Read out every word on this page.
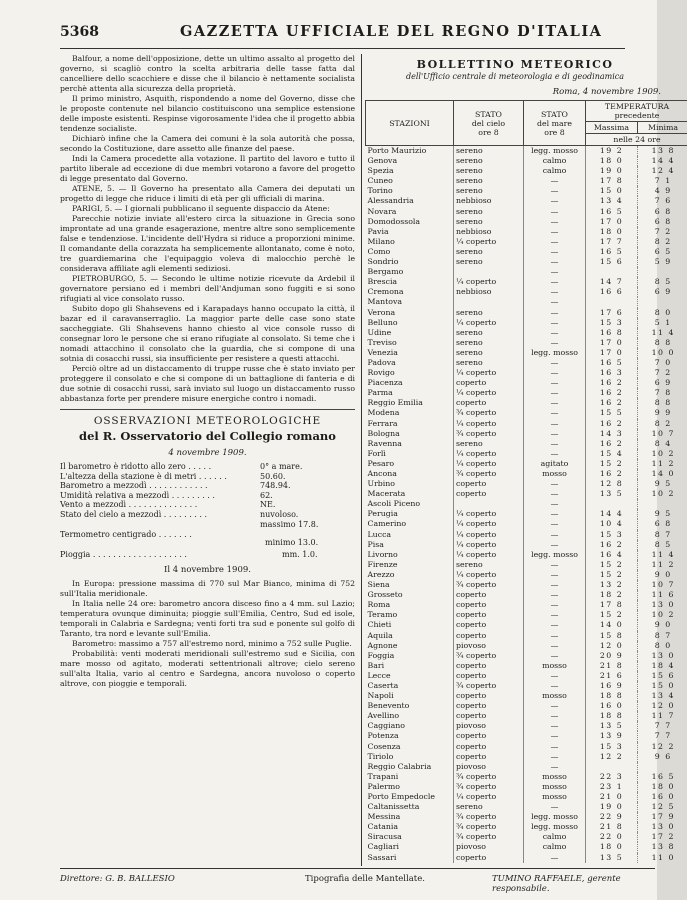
5368	GAZZETTA UFFICIALE DEL REGNO D'ITALIA

Balfour, a nome dell'opposizione, dette un ultimo assalto al progetto del governo, si scagliò contro la scelta arbitraria delle tasse fatta dal cancelliere dello scacchiere e disse che il bilancio è nettamente socialista perchè attenta alla sicurezza della proprietà.

Il primo ministro, Asquith, rispondendo a nome del Governo, disse che le proposte contenute nel bilancio costituiscono una semplice estensione delle imposte esistenti. Respinse vigorosamente l'idea che il progetto abbia tendenze socialiste.

Dichiarò infine che la Camera dei comuni è la sola autorità che possa, secondo la Costituzione, dare assetto alle finanze del paese.

Indi la Camera procedette alla votazione. Il partito del lavoro e tutto il partito liberale ad eccezione di due membri votarono a favore del progetto di legge presentato dal Governo.

ATENE, 5. — Il Governo ha presentato alla Camera dei deputati un progetto di legge che riduce i limiti di età per gli ufficiali di marina.

PARIGI, 5. — I giornali pubblicano il seguente dispaccio da Atene:

Parecchie notizie inviate all'estero circa la situazione in Grecia sono improntate ad una grande esagerazione, mentre altre sono semplicemente false e tendenziose. L'incidente dell'Hydra si riduce a proporzioni minime. Il comandante della corazzata ha semplicemente allontanato, come è noto, tre guardiemarina che l'equipaggio voleva di malocchio perchè le considerava affiliate agli elementi sediziosi.

PIETROBURGO, 5. — Secondo le ultime notizie ricevute da Ardebil il governatore persiano ed i membri dell'Andjuman sono fuggiti e si sono rifugiati al vice consolato russo.

Subito dopo gli Shahsevens ed i Karapadays hanno occupato la città, il bazar ed il caravanserraglio. La maggior parte delle case sono state saccheggiate. Gli Shahsevens hanno chiesto al vice console russo di consegnar loro le persone che si erano rifugiate al consolato. Si teme che i nomadi attacchino il consolato che la guardia, che si compone di una sotnia di cosacchi russi, sia insufficiente per resistere a questi attacchi.

Perciò oltre ad un distaccamento di truppe russe che è stato inviato per proteggere il consolato e che si compone di un battaglione di fanteria e di due sotnie di cosacchi russi, sarà inviato sul luogo un distaccamento russo abbastanza forte per prendere misure energiche contro i nomadi.

OSSERVAZIONI METEOROLOGICHE
del R. Osservatorio del Collegio romano
4 novembre 1909.
Il barometro è ridotto allo zero . . . . .	0° a mare.
L'altezza della stazione è di metri . . . . . .	50.60.
Barometro a mezzodì . . . . . . . . . . . .	748.94.
Umidità relativa a mezzodì . . . . . . . . .	62.
Vento a mezzodì . . . . . . . . . . . . . .	NE.
Stato del cielo a mezzodì . . . . . . . . .	nuvoloso.
Termometro centigrado . . . . . . .
massimo 17.8.
minimo 13.0.
Pioggia . . . . . . . . . . . . . . . . . . .	mm. 1.0.
Il 4 novembre 1909.

In Europa: pressione massima di 770 sul Mar Bianco, minima di 752 sull'Italia meridionale.

In Italia nelle 24 ore: barometro ancora disceso fino a 4 mm. sul Lazio; temperatura ovunque diminuita; pioggie sull'Emilia, Centro, Sud ed isole, temporali in Calabria e Sardegna; venti forti tra sud e ponente sul golfo di Taranto, tra nord e levante sull'Emilia.

Barometro: massimo a 757 all'estremo nord, minimo a 752 sulle Puglie.

Probabilità: venti moderati meridionali sull'estremo sud e Sicilia, con mare mosso od agitato, moderati settentrionali altrove; cielo sereno sull'alta Italia, vario al centro e Sardegna, ancora nuvoloso o coperto altrove, con pioggie e temporali.

BOLLETTINO METEORICO
dell'Ufficio centrale di meteorologia e di geodinamica
Roma, 4 novembre 1909.
STAZIONI	STATO
del cielo
ore 8	STATO
del mare
ore 8	TEMPERATURA
precedente	
			Massima	Minima
			nelle 24 ore	
Porto Maurizio	sereno	legg. mosso	19 2	13 8
Genova	sereno	calmo	18 0	14 4
Spezia	sereno	calmo	19 0	12 4
Cuneo	sereno	—	17 8	7 1
Torino	sereno	—	15 0	4 9
Alessandria	nebbioso	—	13 4	7 6
Novara	sereno	—	16 5	6 8
Domodossola	sereno	—	17 0	6 8
Pavia	nebbioso	—	18 0	7 2
Milano	¼ coperto	—	17 7	8 2
Como	sereno	—	16 5	6 5
Sondrio	sereno	—	15 6	5 9
Bergamo		—		
Brescia	¼ coperto	—	14 7	8 5
Cremona	nebbioso	—	16 6	6 9
Mantova		—		
Verona	sereno	—	17 6	8 0
Belluno	¼ coperto	—	15 3	5 1
Udine	sereno	—	16 8	11 4
Treviso	sereno	—	17 0	8 8
Venezia	sereno	legg. mosso	17 0	10 0
Padova	sereno	—	16 5	7 0
Rovigo	¼ coperto	—	16 3	7 2
Piacenza	coperto	—	16 2	6 9
Parma	¼ coperto	—	16 2	7 8
Reggio Emilia	coperto	—	16 2	8 8
Modena	¾ coperto	—	15 5	9 9
Ferrara	¼ coperto	—	16 2	8 2
Bologna	¾ coperto	—	14 3	10 7
Ravenna	sereno	—	16 2	8 4
Forlì	¼ coperto	—	15 4	10 2
Pesaro	¼ coperto	agitato	15 2	11 2
Ancona	¾ coperto	mosso	16 2	14 0
Urbino	coperto	—	12 8	9 5
Macerata	coperto	—	13 5	10 2
Ascoli Piceno		—		
Perugia	¼ coperto	—	14 4	9 5
Camerino	¼ coperto	—	10 4	6 8
Lucca	¼ coperto	—	15 3	8 7
Pisa	¼ coperto	—	16 2	8 5
Livorno	¼ coperto	legg. mosso	16 4	11 4
Firenze	sereno	—	15 2	11 2
Arezzo	¼ coperto	—	15 2	9 0
Siena	¾ coperto	—	13 2	10 7
Grosseto	coperto	—	18 2	11 6
Roma	coperto	—	17 8	13 0
Teramo	coperto	—	15 2	10 2
Chieti	coperto	—	14 0	9 0
Aquila	coperto	—	15 8	8 7
Agnone	piovoso	—	12 0	8 0
Foggia	¾ coperto	—	20 9	13 0
Bari	coperto	mosso	21 8	18 4
Lecce	coperto	—	21 6	15 6
Caserta	¾ coperto	—	16 9	15 0
Napoli	coperto	mosso	18 8	13 4
Benevento	coperto	—	16 0	12 0
Avellino	coperto	—	18 8	11 7
Caggiano	piovoso	—	13 5	7 7
Potenza	coperto	—	13 9	7 7
Cosenza	coperto	—	15 3	12 2
Tiriolo	coperto	—	12 2	9 6
Reggio Calabria	piovoso	—		
Trapani	¾ coperto	mosso	22 3	16 5
Palermo	¾ coperto	mosso	23 1	18 0
Porto Empedocle	¼ coperto	mosso	21 0	16 0
Caltanissetta	sereno	—	19 0	12 5
Messina	¾ coperto	legg. mosso	22 9	17 9
Catania	¾ coperto	legg. mosso	21 8	13 0
Siracusa	¾ coperto	calmo	22 0	17 2
Cagliari	piovoso	calmo	18 0	13 8
Sassari	coperto	—	13 5	11 0
Direttore: G. B. BALLESIO	Tipografia delle Mantellate.	TUMINO RAFFAELE, gerente responsabile.
